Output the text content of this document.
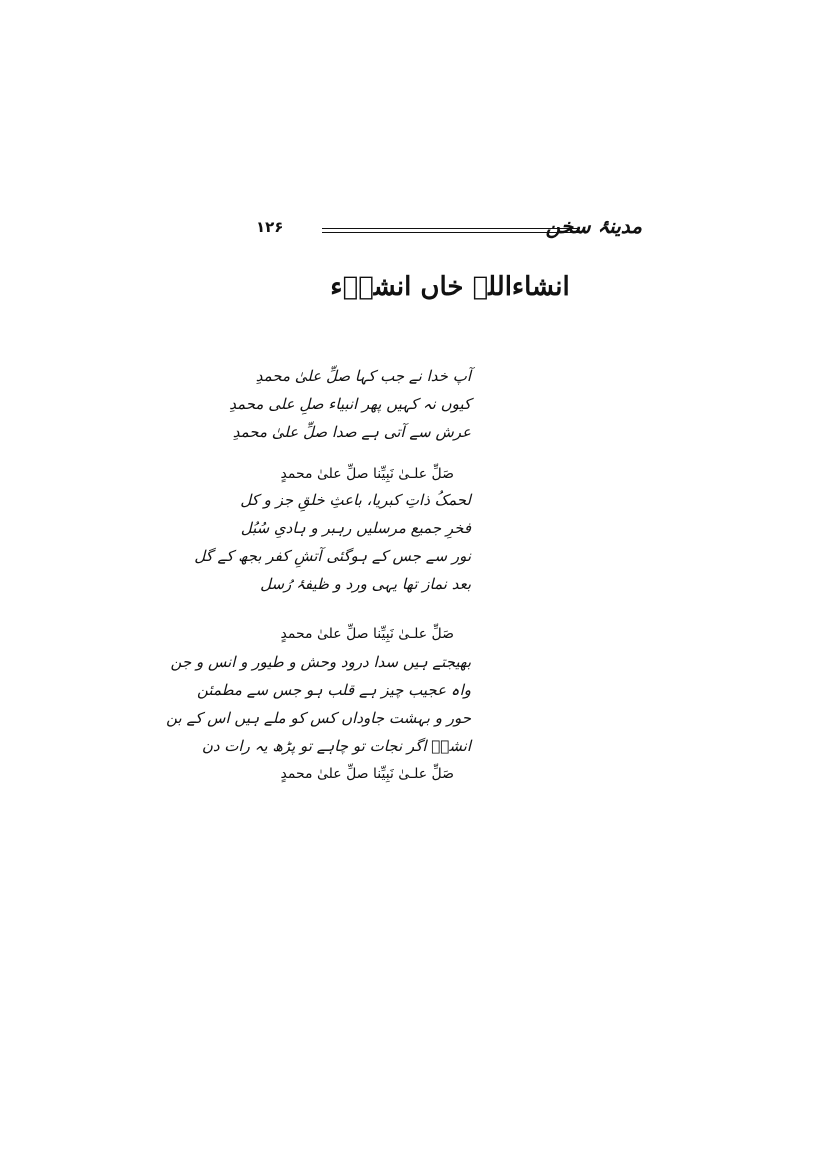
۱۲۶	مدینۂ سخن
انشاءاللہ خاں انشاؔء
آپ خدا نے جب کہا صلِّ علیٰ محمدِ
کیوں نہ کہیں پھر انبیاء صلِ علی محمدِ
عرش سے آتی ہے صدا صلِّ علیٰ محمدِ
صَلِّ علـیٰ نَبِیِّنا صلِّ علیٰ محمدٍ
لحمکُ ذاتِ کبریا، باعثِ خلقِ جز و کل
فخرِ جمیع مرسلیں رہبر و ہادیِ سُبُل
نور سے جس کے ہوگئی آتشِ کفر بجھ کے گل
بعد نماز تھا یہی ورد و ظیفۂ رُسل
صَلِّ علـیٰ نَبِیِّنا صلِّ علیٰ محمدٍ
بھیجتے ہیں سدا درود وحش و طیور و انس و جن
واہ عجیب چیز ہے قلب ہو جس سے مطمئن
حور و بہشت جاوداں کس کو ملے ہیں اس کے بن
انشاؔ اگر نجات تو چاہے تو پڑھ یہ رات دن
صَلِّ علـیٰ نَبِیِّنا صلِّ علیٰ محمدٍ
